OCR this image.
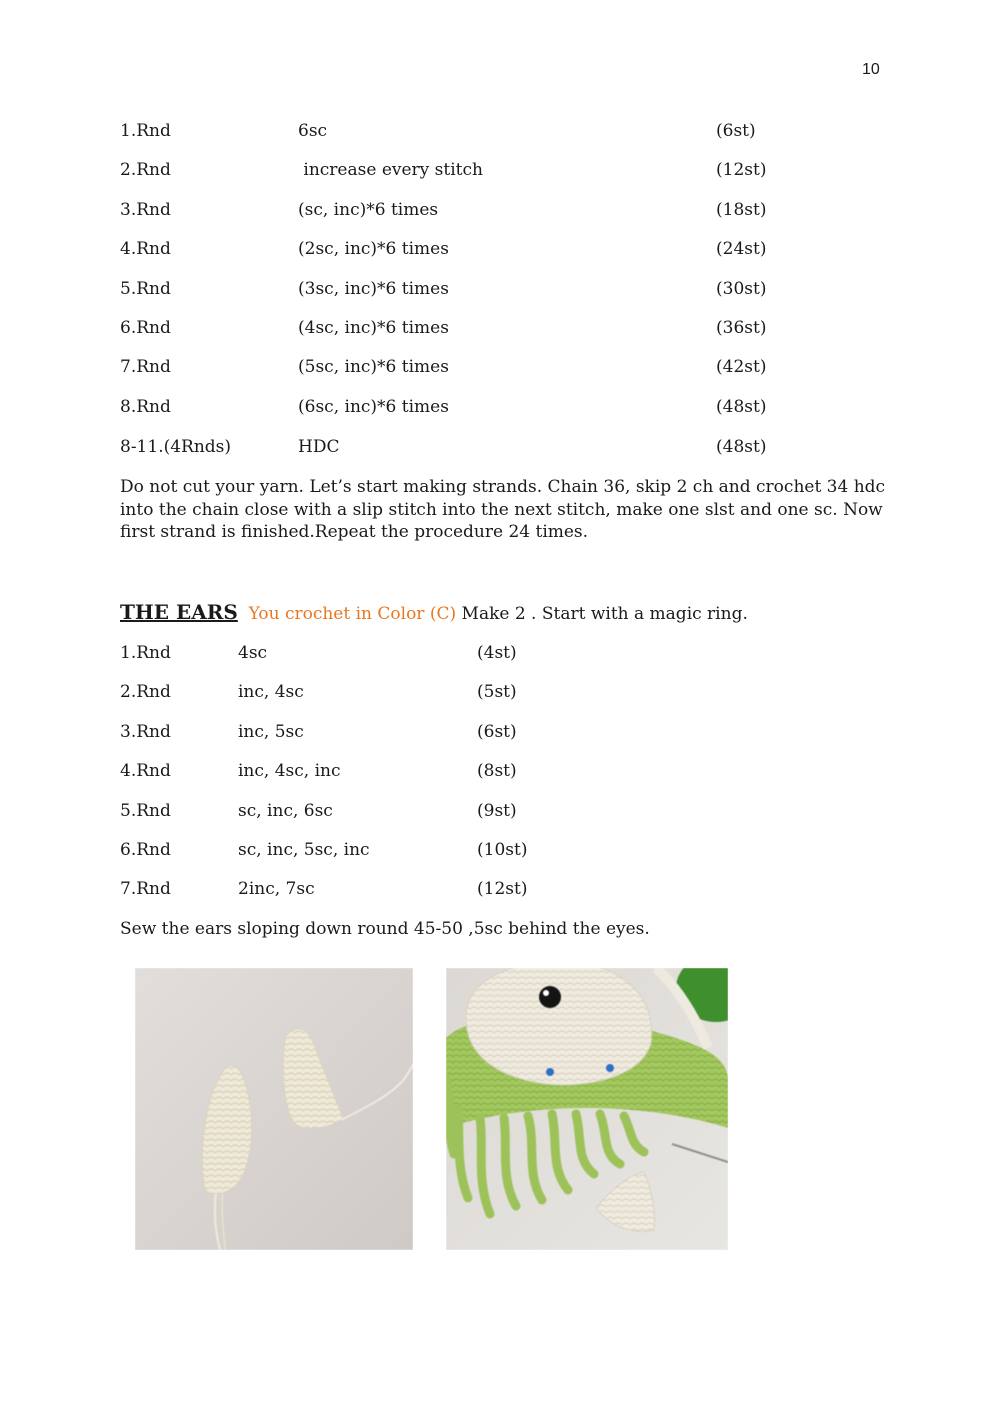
10
1.Rnd	6sc	(6st)
2.Rnd	increase every stitch	(12st)
3.Rnd	(sc, inc)*6 times	(18st)
4.Rnd	(2sc, inc)*6 times	(24st)
5.Rnd	(3sc, inc)*6 times	(30st)
6.Rnd	(4sc, inc)*6 times	(36st)
7.Rnd	(5sc, inc)*6 times	(42st)
8.Rnd	(6sc, inc)*6 times	(48st)
8-11.(4Rnds)	HDC	(48st)

Do not cut your yarn. Let’s start making strands. Chain 36, skip 2 ch and crochet 34 hdc into the chain close with a slip stitch into the next stitch, make one slst and one sc. Now first strand is finished.Repeat the procedure 24 times.

THE EARS You crochet in Color (C) Make 2 . Start with a magic ring.
1.Rnd	4sc	(4st)
2.Rnd	inc, 4sc	(5st)
3.Rnd	inc, 5sc	(6st)
4.Rnd	inc, 4sc, inc	(8st)
5.Rnd	sc, inc, 6sc	(9st)
6.Rnd	sc, inc, 5sc, inc	(10st)
7.Rnd	2inc, 7sc	(12st)

Sew the ears sloping down round 45-50 ,5sc behind the eyes.
